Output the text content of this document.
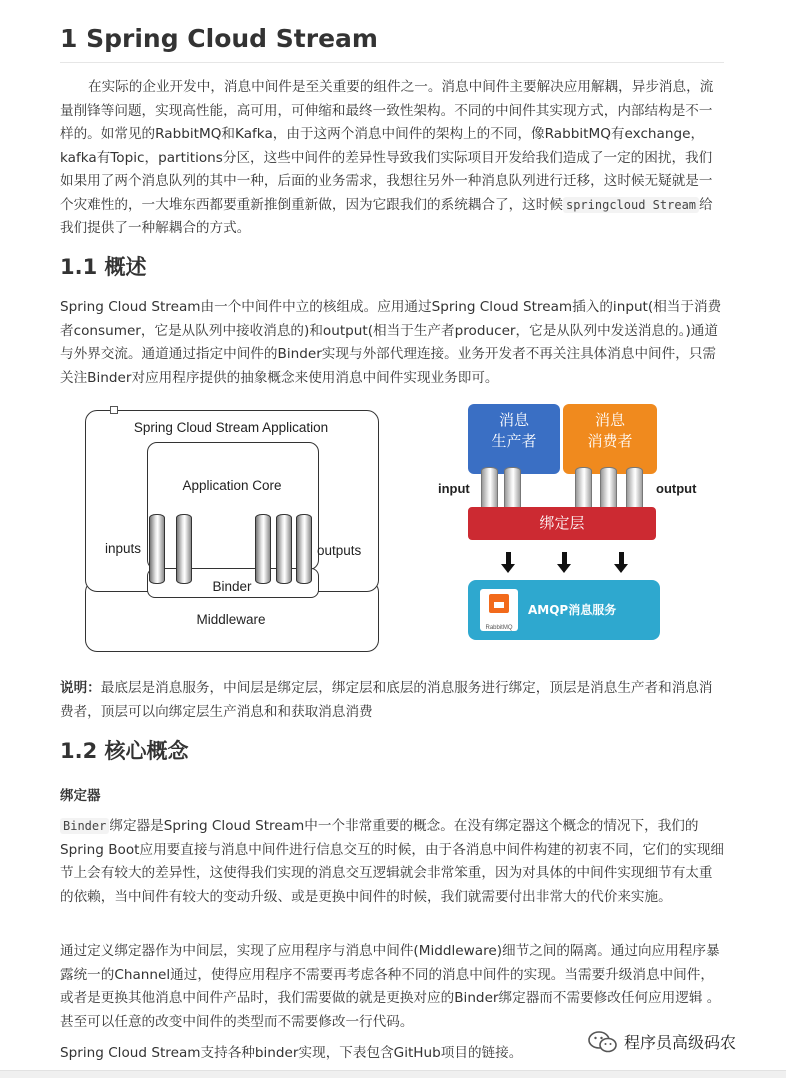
1 Spring Cloud Stream

在实际的企业开发中，消息中间件是至关重要的组件之一。消息中间件主要解决应用解耦，异步消息，流量削锋等问题，实现高性能，高可用，可伸缩和最终一致性架构。不同的中间件其实现方式，内部结构是不一样的。如常见的RabbitMQ和Kafka，由于这两个消息中间件的架构上的不同，像RabbitMQ有exchange，kafka有Topic，partitions分区，这些中间件的差异性导致我们实际项目开发给我们造成了一定的困扰，我们如果用了两个消息队列的其中一种，后面的业务需求，我想往另外一种消息队列进行迁移，这时候无疑就是一个灾难性的，一大堆东西都要重新推倒重新做，因为它跟我们的系统耦合了，这时候 springcloud Stream 给我们提供了一种解耦合的方式。

1.1 概述
Spring Cloud Stream由一个中间件中立的核组成。应用通过Spring Cloud Stream插入的input(相当于消费者consumer，它是从队列中接收消息的)和output(相当于生产者producer，它是从队列中发送消息的。)通道与外界交流。通道通过指定中间件的Binder实现与外部代理连接。业务开发者不再关注具体消息中间件，只需关注Binder对应用程序提供的抽象概念来使用消息中间件实现业务即可。
Middleware
Spring Cloud Stream Application
Application Core
Binder
inputs	outputs
消息
生产者
消息
消费者
input	output
绑定层
RabbitMQ
AMQP消息服务

说明：最底层是消息服务，中间层是绑定层，绑定层和底层的消息服务进行绑定，顶层是消息生产者和消息消费者，顶层可以向绑定层生产消息和和获取消息消费

1.2 核心概念
绑定器

Binder 绑定器是Spring Cloud Stream中一个非常重要的概念。在没有绑定器这个概念的情况下，我们的Spring Boot应用要直接与消息中间件进行信息交互的时候，由于各消息中间件构建的初衷不同，它们的实现细节上会有较大的差异性，这使得我们实现的消息交互逻辑就会非常笨重，因为对具体的中间件实现细节有太重的依赖，当中间件有较大的变动升级、或是更换中间件的时候，我们就需要付出非常大的代价来实施。

通过定义绑定器作为中间层，实现了应用程序与消息中间件(Middleware)细节之间的隔离。通过向应用程序暴露统一的Channel通过，使得应用程序不需要再考虑各种不同的消息中间件的实现。当需要升级消息中间件，或者是更换其他消息中间件产品时，我们需要做的就是更换对应的Binder绑定器而不需要修改任何应用逻辑 。甚至可以任意的改变中间件的类型而不需要修改一行代码。
Spring Cloud Stream支持各种binder实现，下表包含GitHub项目的链接。
程序员高级码农
